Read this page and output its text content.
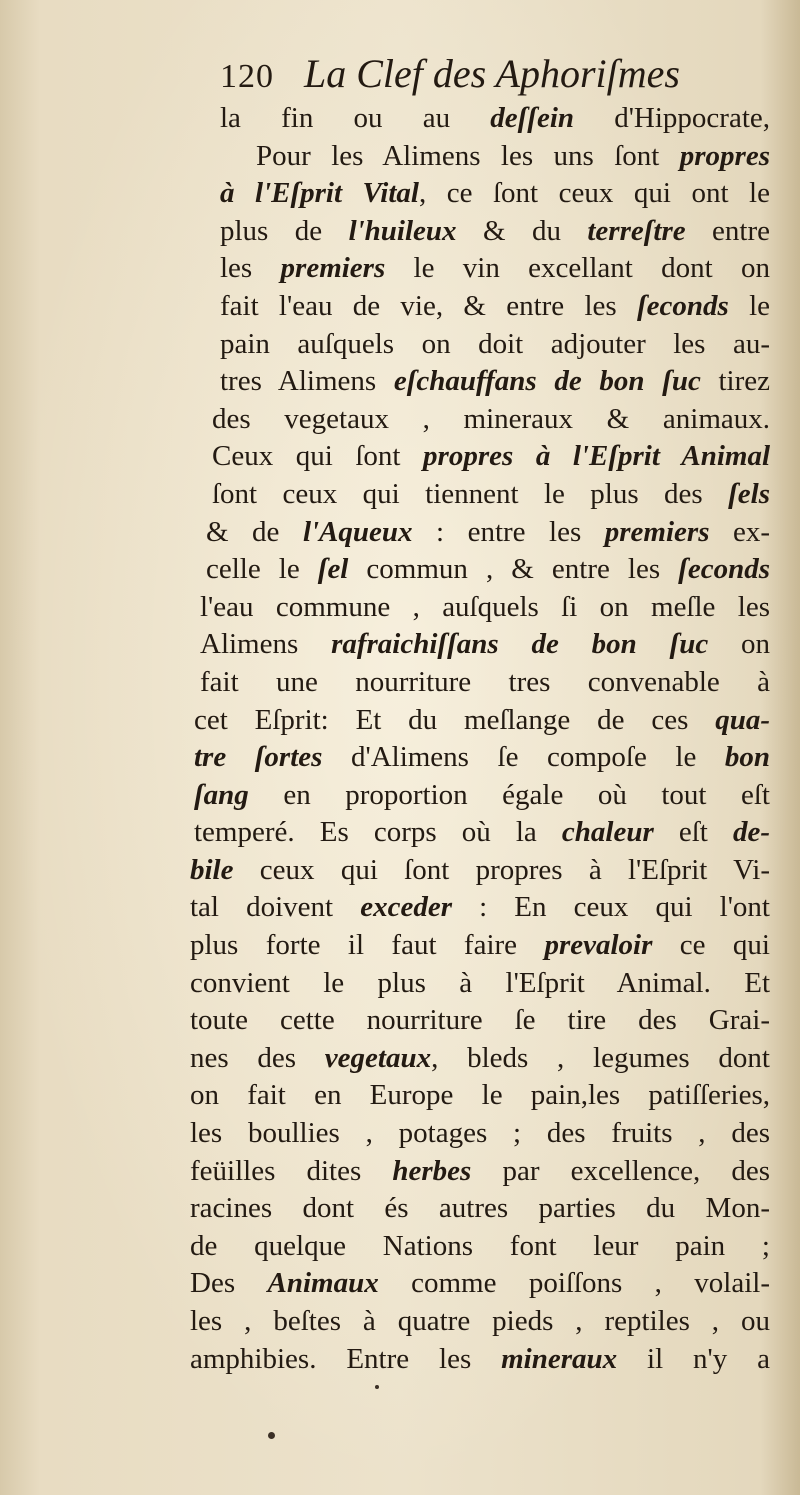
120 La Clef des Aphoriſmes
la fin ou au deſſein d'Hippocrate,
Pour les Alimens les uns ſont propres
à l'Eſprit Vital, ce ſont ceux qui ont le
plus de l'huileux & du terreſtre entre
les premiers le vin excellant dont on
fait l'eau de vie, & entre les ſeconds le
pain auſquels on doit adjouter les au-
tres Alimens eſchauffans de bon ſuc tirez
des vegetaux , mineraux & animaux.
Ceux qui ſont propres à l'Eſprit Animal
ſont ceux qui tiennent le plus des ſels
& de l'Aqueux : entre les premiers ex-
celle le ſel commun , & entre les ſeconds
l'eau commune , auſquels ſi on meſle les
Alimens rafraichiſſans de bon ſuc on
fait une nourriture tres convenable à
cet Eſprit: Et du meſlange de ces qua-
tre ſortes d'Alimens ſe compoſe le bon
ſang en proportion égale où tout eſt
temperé. Es corps où la chaleur eſt de-
bile ceux qui ſont propres à l'Eſprit Vi-
tal doivent exceder : En ceux qui l'ont
plus forte il faut faire prevaloir ce qui
convient le plus à l'Eſprit Animal. Et
toute cette nourriture ſe tire des Grai-
nes des vegetaux, bleds , legumes dont
on fait en Europe le pain,les patiſſeries,
les boullies , potages ; des fruits , des
feüilles dites herbes par excellence, des
racines dont és autres parties du Mon-
de quelque Nations font leur pain ;
Des Animaux comme poiſſons , volail-
les , beſtes à quatre pieds , reptiles , ou
amphibies. Entre les mineraux il n'y a
